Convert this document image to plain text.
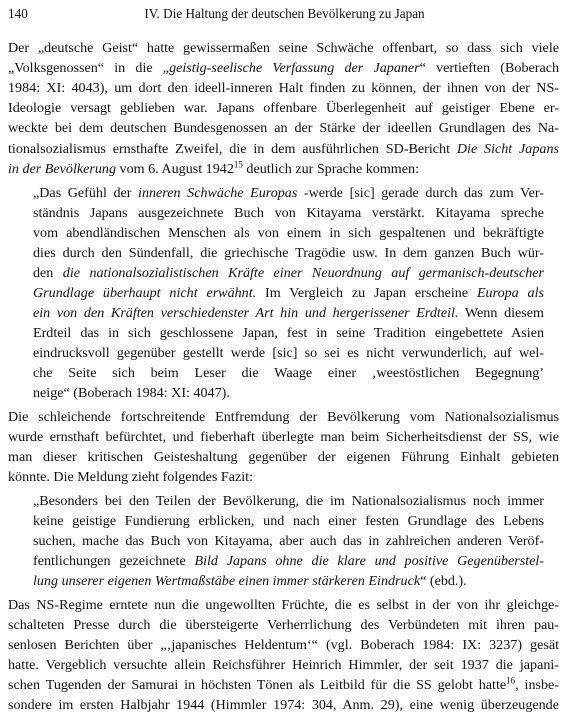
140	IV. Die Haltung der deutschen Bevölkerung zu Japan
Der „deutsche Geist“ hatte gewissermaßen seine Schwäche offenbart, so dass sich viele
„Volksgenossen“ in die „geistig-seelische Verfassung der Japaner“ vertieften (Boberach
1984: XI: 4043), um dort den ideell-inneren Halt finden zu können, der ihnen von der NS-
Ideologie versagt geblieben war. Japans offenbare Überlegenheit auf geistiger Ebene er-
weckte bei dem deutschen Bundesgenossen an der Stärke der ideellen Grundlagen des Na-
tionalsozialismus ernsthafte Zweifel, die in dem ausführlichen SD-Bericht Die Sicht Japans
in der Bevölkerung vom 6. August 1942$^{15}$ deutlich zur Sprache kommen:
„Das Gefühl der inneren Schwäche Europas -werde [sic] gerade durch das zum Ver-
ständnis Japans ausgezeichnete Buch von Kitayama verstärkt. Kitayama spreche
vom abendländischen Menschen als von einem in sich gespaltenen und bekräftigte
dies durch den Sündenfall, die griechische Tragödie usw. In dem ganzen Buch wür-
den die nationalsozialistischen Kräfte einer Neuordnung auf germanisch-deutscher
Grundlage überhaupt nicht erwähnt. Im Vergleich zu Japan erscheine Europa als
ein von den Kräften verschiedenster Art hin und hergerissener Erdteil. Wenn diesem
Erdteil das in sich geschlossene Japan, fest in seine Tradition eingebettete Asien
eindrucksvoll gegenüber gestellt werde [sic] so sei es nicht verwunderlich, auf wel-
che Seite sich beim Leser die Waage einer ‚weestöstlichen Begegnung’
neige“ (Boberach 1984: XI: 4047).
Die schleichende fortschreitende Entfremdung der Bevölkerung vom Nationalsozialismus
wurde ernsthaft befürchtet, und fieberhaft überlegte man beim Sicherheitsdienst der SS, wie
man dieser kritischen Geisteshaltung gegenüber der eigenen Führung Einhalt gebieten
könnte. Die Meldung zieht folgendes Fazit:
„Besonders bei den Teilen der Bevölkerung, die im Nationalsozialismus noch immer
keine geistige Fundierung erblicken, und nach einer festen Grundlage des Lebens
suchen, mache das Buch von Kitayama, aber auch das in zahlreichen anderen Veröf-
fentlichungen gezeichnete Bild Japans ohne die klare und positive Gegenüberstel-
lung unserer eigenen Wertmaßstäbe einen immer stärkeren Eindruck“ (ebd.).
Das NS-Regime erntete nun die ungewollten Früchte, die es selbst in der von ihr gleichge-
schalteten Presse durch die übersteigerte Verherrlichung des Verbündeten mit ihren pau-
senlosen Berichten über „‚japanisches Heldentum‘“ (vgl. Boberach 1984: IX: 3237) gesät
hatte. Vergeblich versuchte allein Reichsführer Heinrich Himmler, der seit 1937 die japani-
schen Tugenden der Samurai in höchsten Tönen als Leitbild für die SS gelobt hatte$^{16}$, insbe-
sondere im ersten Halbjahr 1944 (Himmler 1974: 304, Anm. 29), eine wenig überzeugende
